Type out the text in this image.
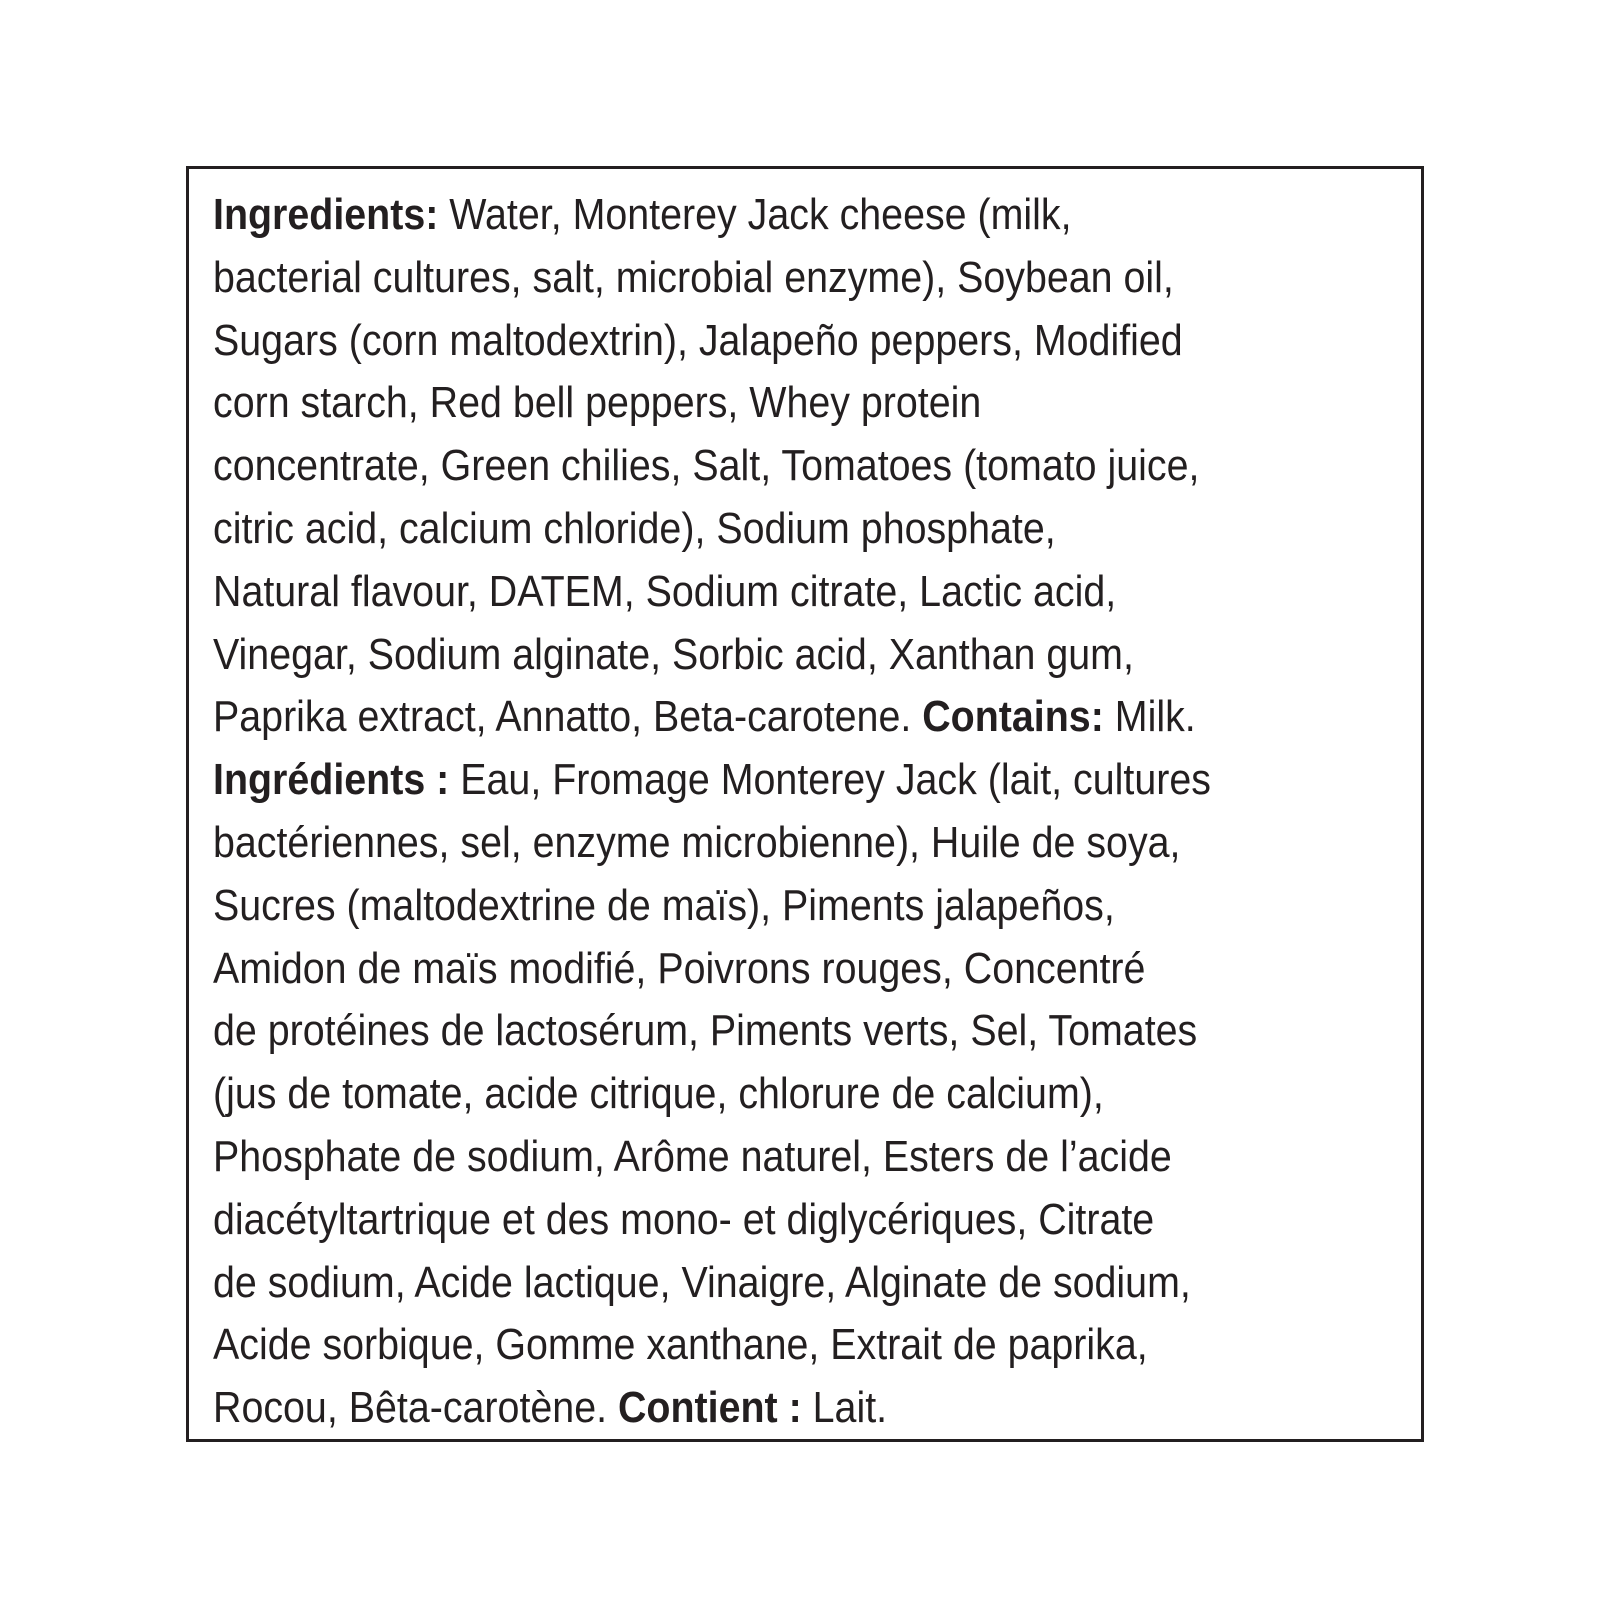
Ingredients: Water, Monterey Jack cheese (milk,
bacterial cultures, salt, microbial enzyme), Soybean oil,
Sugars (corn maltodextrin), Jalapeño peppers, Modified
corn starch, Red bell peppers, Whey protein
concentrate, Green chilies, Salt, Tomatoes (tomato juice,
citric acid, calcium chloride), Sodium phosphate,
Natural flavour, DATEM, Sodium citrate, Lactic acid,
Vinegar, Sodium alginate, Sorbic acid, Xanthan gum,
Paprika extract, Annatto, Beta-carotene. Contains: Milk.
Ingrédients : Eau, Fromage Monterey Jack (lait, cultures
bactériennes, sel, enzyme microbienne), Huile de soya,
Sucres (maltodextrine de maïs), Piments jalapeños,
Amidon de maïs modifié, Poivrons rouges, Concentré
de protéines de lactosérum, Piments verts, Sel, Tomates
(jus de tomate, acide citrique, chlorure de calcium),
Phosphate de sodium, Arôme naturel, Esters de l’acide
diacétyltartrique et des mono- et diglycériques, Citrate
de sodium, Acide lactique, Vinaigre, Alginate de sodium,
Acide sorbique, Gomme xanthane, Extrait de paprika,
Rocou, Bêta-carotène. Contient : Lait.
